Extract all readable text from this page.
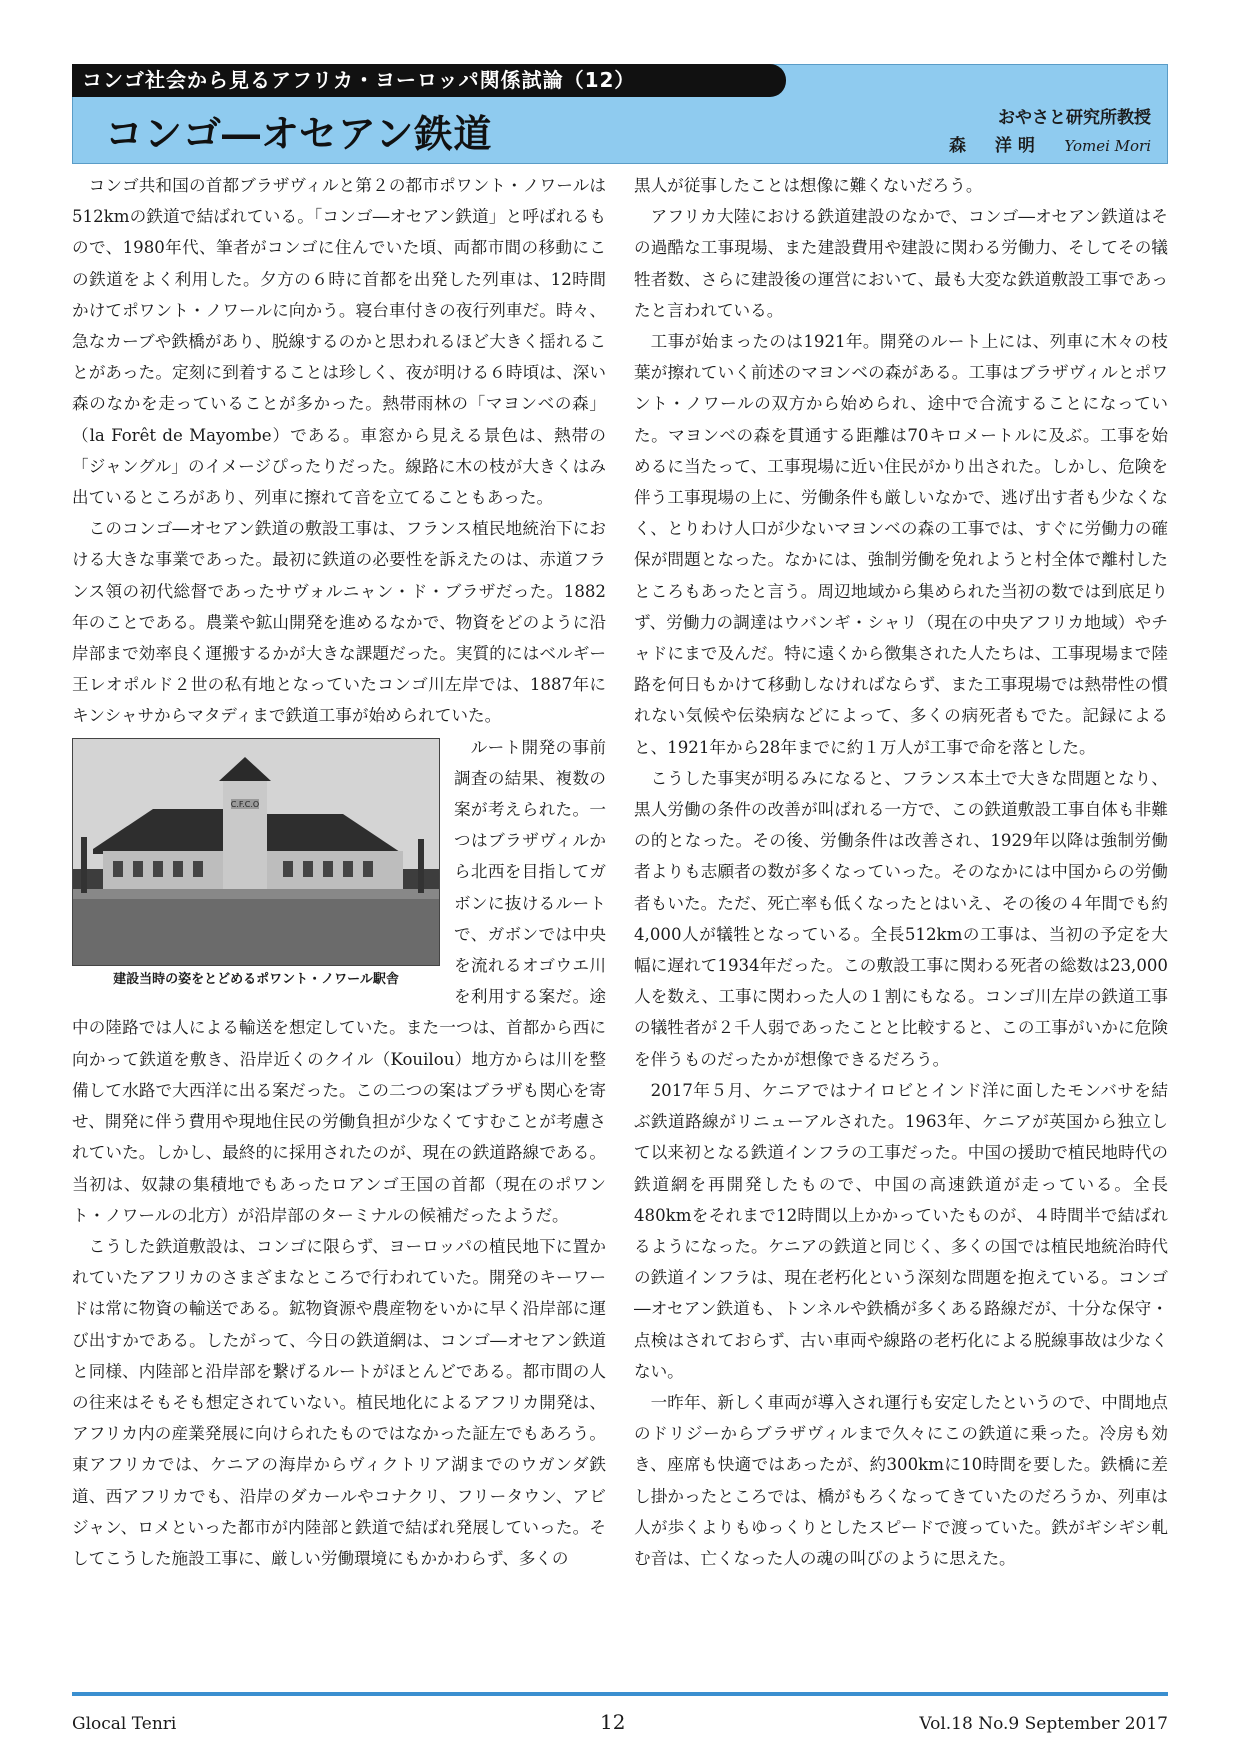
コンゴ社会から見るアフリカ・ヨーロッパ関係試論（12）
コンゴ―オセアン鉄道	おやさと研究所教授
森　洋明 Yomei Mori

コンゴ共和国の首都ブラザヴィルと第２の都市ポワント・ノワールは512kmの鉄道で結ばれている。「コンゴ―オセアン鉄道」と呼ばれるもので、1980年代、筆者がコンゴに住んでいた頃、両都市間の移動にこの鉄道をよく利用した。夕方の６時に首都を出発した列車は、12時間かけてポワント・ノワールに向かう。寝台車付きの夜行列車だ。時々、急なカーブや鉄橋があり、脱線するのかと思われるほど大きく揺れることがあった。定刻に到着することは珍しく、夜が明ける６時頃は、深い森のなかを走っていることが多かった。熱帯雨林の「マヨンベの森」（la Forêt de Mayombe）である。車窓から見える景色は、熱帯の「ジャングル」のイメージぴったりだった。線路に木の枝が大きくはみ出ているところがあり、列車に擦れて音を立てることもあった。

このコンゴ―オセアン鉄道の敷設工事は、フランス植民地統治下における大きな事業であった。最初に鉄道の必要性を訴えたのは、赤道フランス領の初代総督であったサヴォルニャン・ド・ブラザだった。1882年のことである。農業や鉱山開発を進めるなかで、物資をどのように沿岸部まで効率良く運搬するかが大きな課題だった。実質的にはベルギー王レオポルド２世の私有地となっていたコンゴ川左岸では、1887年にキンシャサからマタディまで鉄道工事が始められていた。

C.F.C.O
建設当時の姿をとどめるポワント・ノワール駅舎

ルート開発の事前調査の結果、複数の案が考えられた。一つはブラザヴィルから北西を目指してガボンに抜けるルートで、ガボンでは中央を流れるオゴウエ川を利用する案だ。途中の陸路では人による輸送を想定していた。また一つは、首都から西に向かって鉄道を敷き、沿岸近くのクイル（Kouilou）地方からは川を整備して水路で大西洋に出る案だった。この二つの案はブラザも関心を寄せ、開発に伴う費用や現地住民の労働負担が少なくてすむことが考慮されていた。しかし、最終的に採用されたのが、現在の鉄道路線である。当初は、奴隷の集積地でもあったロアンゴ王国の首都（現在のポワント・ノワールの北方）が沿岸部のターミナルの候補だったようだ。

こうした鉄道敷設は、コンゴに限らず、ヨーロッパの植民地下に置かれていたアフリカのさまざまなところで行われていた。開発のキーワードは常に物資の輸送である。鉱物資源や農産物をいかに早く沿岸部に運び出すかである。したがって、今日の鉄道網は、コンゴ―オセアン鉄道と同様、内陸部と沿岸部を繋げるルートがほとんどである。都市間の人の往来はそもそも想定されていない。植民地化によるアフリカ開発は、アフリカ内の産業発展に向けられたものではなかった証左でもあろう。東アフリカでは、ケニアの海岸からヴィクトリア湖までのウガンダ鉄道、西アフリカでも、沿岸のダカールやコナクリ、フリータウン、アビジャン、ロメといった都市が内陸部と鉄道で結ばれ発展していった。そしてこうした施設工事に、厳しい労働環境にもかかわらず、多くの

黒人が従事したことは想像に難くないだろう。

アフリカ大陸における鉄道建設のなかで、コンゴ―オセアン鉄道はその過酷な工事現場、また建設費用や建設に関わる労働力、そしてその犠牲者数、さらに建設後の運営において、最も大変な鉄道敷設工事であったと言われている。

工事が始まったのは1921年。開発のルート上には、列車に木々の枝葉が擦れていく前述のマヨンベの森がある。工事はブラザヴィルとポワント・ノワールの双方から始められ、途中で合流することになっていた。マヨンベの森を貫通する距離は70キロメートルに及ぶ。工事を始めるに当たって、工事現場に近い住民がかり出された。しかし、危険を伴う工事現場の上に、労働条件も厳しいなかで、逃げ出す者も少なくなく、とりわけ人口が少ないマヨンベの森の工事では、すぐに労働力の確保が問題となった。なかには、強制労働を免れようと村全体で離村したところもあったと言う。周辺地域から集められた当初の数では到底足りず、労働力の調達はウバンギ・シャリ（現在の中央アフリカ地域）やチャドにまで及んだ。特に遠くから徴集された人たちは、工事現場まで陸路を何日もかけて移動しなければならず、また工事現場では熱帯性の慣れない気候や伝染病などによって、多くの病死者もでた。記録によると、1921年から28年までに約１万人が工事で命を落とした。

こうした事実が明るみになると、フランス本土で大きな問題となり、黒人労働の条件の改善が叫ばれる一方で、この鉄道敷設工事自体も非難の的となった。その後、労働条件は改善され、1929年以降は強制労働者よりも志願者の数が多くなっていった。そのなかには中国からの労働者もいた。ただ、死亡率も低くなったとはいえ、その後の４年間でも約4,000人が犠牲となっている。全長512kmの工事は、当初の予定を大幅に遅れて1934年だった。この敷設工事に関わる死者の総数は23,000人を数え、工事に関わった人の１割にもなる。コンゴ川左岸の鉄道工事の犠牲者が２千人弱であったことと比較すると、この工事がいかに危険を伴うものだったかが想像できるだろう。

2017年５月、ケニアではナイロビとインド洋に面したモンバサを結ぶ鉄道路線がリニューアルされた。1963年、ケニアが英国から独立して以来初となる鉄道インフラの工事だった。中国の援助で植民地時代の鉄道網を再開発したもので、中国の高速鉄道が走っている。全長480kmをそれまで12時間以上かかっていたものが、４時間半で結ばれるようになった。ケニアの鉄道と同じく、多くの国では植民地統治時代の鉄道インフラは、現在老朽化という深刻な問題を抱えている。コンゴ―オセアン鉄道も、トンネルや鉄橋が多くある路線だが、十分な保守・点検はされておらず、古い車両や線路の老朽化による脱線事故は少なくない。

一昨年、新しく車両が導入され運行も安定したというので、中間地点のドリジーからブラザヴィルまで久々にこの鉄道に乗った。冷房も効き、座席も快適ではあったが、約300kmに10時間を要した。鉄橋に差し掛かったところでは、橋がもろくなってきていたのだろうか、列車は人が歩くよりもゆっくりとしたスピードで渡っていた。鉄がギシギシ軋む音は、亡くなった人の魂の叫びのように思えた。

Glocal Tenri	12	Vol.18 No.9 September 2017
